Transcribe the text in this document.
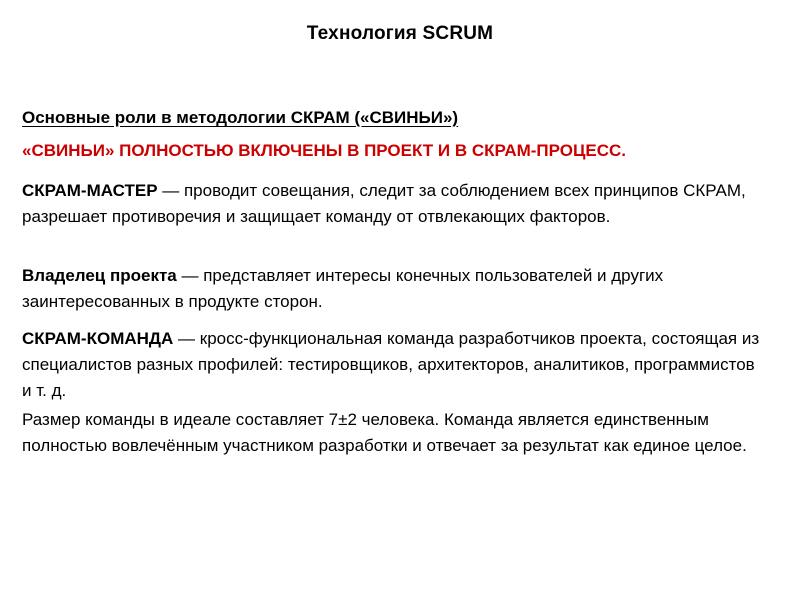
Технология SCRUM
Основные роли в методологии СКРАМ («СВИНЬИ»)
«СВИНЬИ» ПОЛНОСТЬЮ ВКЛЮЧЕНЫ В ПРОЕКТ И В СКРАМ-ПРОЦЕСС.
СКРАМ-МАСТЕР — проводит совещания, следит за соблюдением всех принципов СКРАМ, разрешает противоречия и защищает команду от отвлекающих факторов.
Владелец проекта — представляет интересы конечных пользователей и других заинтересованных в продукте сторон.
СКРАМ-КОМАНДА — кросс-функциональная команда разработчиков проекта, состоящая из специалистов разных профилей: тестировщиков, архитекторов, аналитиков, программистов и т. д.
Размер команды в идеале составляет 7±2 человека. Команда является единственным полностью вовлечённым участником разработки и отвечает за результат как единое целое.
